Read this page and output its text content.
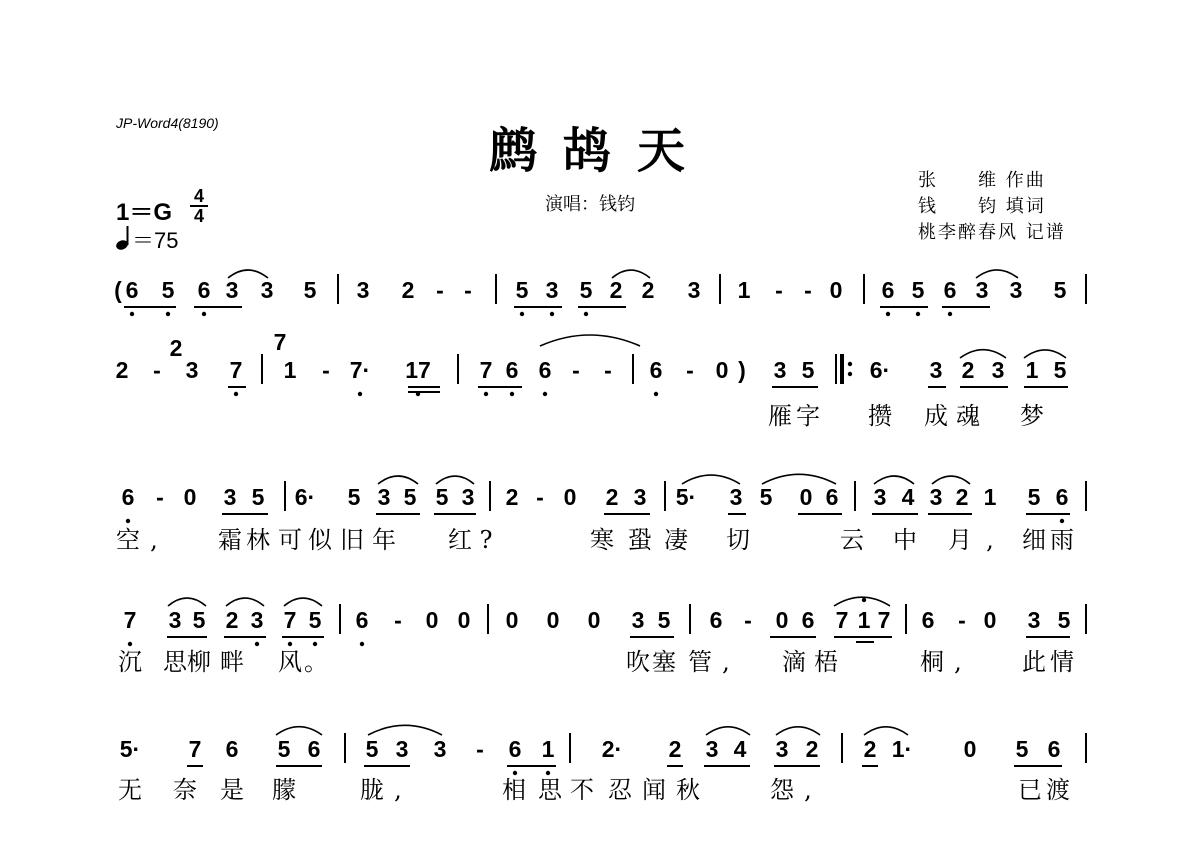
JP-Word4(8190)	鹧鸪天
演唱：钱钧
张　　维 作曲
钱　　钧 填词
桃李醉春风 记谱
1＝G
4
4
＝75
( 6 5 6 3 3 5 3 2 - - 5 3 5 2 2 3 1 - - 0 6 5 6 3 3 5
2 - 3 7 1 - 7· 17 7 6 6 - - 6 - 0 ) 3 5 6· 3 2 3 1 5
2	7
雁 字 攒 成 魂 梦
6 - 0 3 5 6· 5 3 5 5 3 2 - 0 2 3 5· 3 5 0 6 3 4 3 2 1 5 6
空 ,	霜 林 可 似 旧 年 红 ?	寒 蛩 凄 切	云 中 月 , 细 雨
7 3 5 2 3 7 5 6 - 0 0 0 0 0 3 5 6 - 0 6 7 1 7 6 - 0 3 5
沉 思 柳 畔 风 。	吹 塞 管 , 滴 梧	桐 ,	此 情
5· 7 6 5 6 5 3 3 - 6 1 2· 2 3 4 3 2 2 1· 0 5 6
无 奈 是 朦	胧 ,	相 思 不 忍 闻 秋	怨 ,	已 渡
